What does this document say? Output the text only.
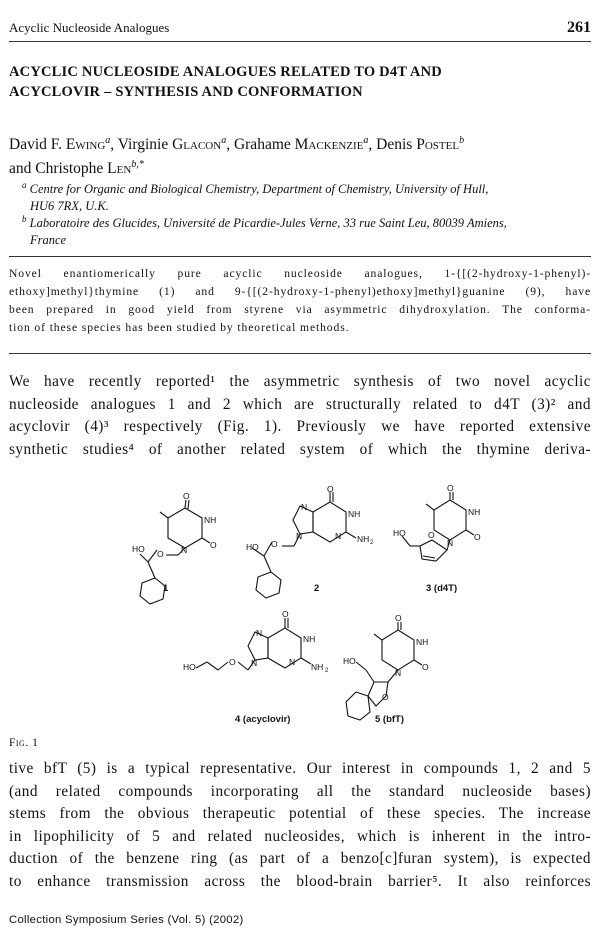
Acyclic Nucleoside Analogues	261
ACYCLIC NUCLEOSIDE ANALOGUES RELATED TO D4T AND
ACYCLOVIR – SYNTHESIS AND CONFORMATION
David F. Ewing$^a$, Virginie Glacon$^a$, Grahame Mackenzie$^a$, Denis Postel$^b$
and Christophe Len$^{b,*}$
$^a$ Centre for Organic and Biological Chemistry, Department of Chemistry, University of Hull,
HU6 7RX, U.K.
$^b$ Laboratoire des Glucides, Université de Picardie-Jules Verne, 33 rue Saint Leu, 80039 Amiens,
France
Novel enantiomerically pure acyclic nucleoside analogues, 1-{[(2-hydroxy-1-phenyl)-
ethoxy]methyl}thymine (1) and 9-{[(2-hydroxy-1-phenyl)ethoxy]methyl}guanine (9), have
been prepared in good yield from styrene via asymmetric dihydroxylation. The conforma-
tion of these species has been studied by theoretical methods.
We have recently reported¹ the asymmetric synthesis of two novel acyclic
nucleoside analogues 1 and 2 which are structurally related to d4T (3)² and
acyclovir (4)³ respectively (Fig. 1). Previously we have reported extensive
synthetic studies⁴ of another related system of which the thymine deriva-
O
NH
O
N
O
HO
O
NH
NH 2
N
N
N
O
HO
O
NH
O
N
O
HO
O
NH
NH 2
N
N
N
O
HO
O
NH
O
N
O
HO
1	2	3 (d4T)
4 (acyclovir)	5 (bfT)
Fig. 1
tive bfT (5) is a typical representative. Our interest in compounds 1, 2 and 5
(and related compounds incorporating all the standard nucleoside bases)
stems from the obvious therapeutic potential of these species. The increase
in lipophilicity of 5 and related nucleosides, which is inherent in the intro-
duction of the benzene ring (as part of a benzo[c]furan system), is expected
to enhance transmission across the blood-brain barrier⁵. It also reinforces
Collection Symposium Series (Vol. 5) (2002)
